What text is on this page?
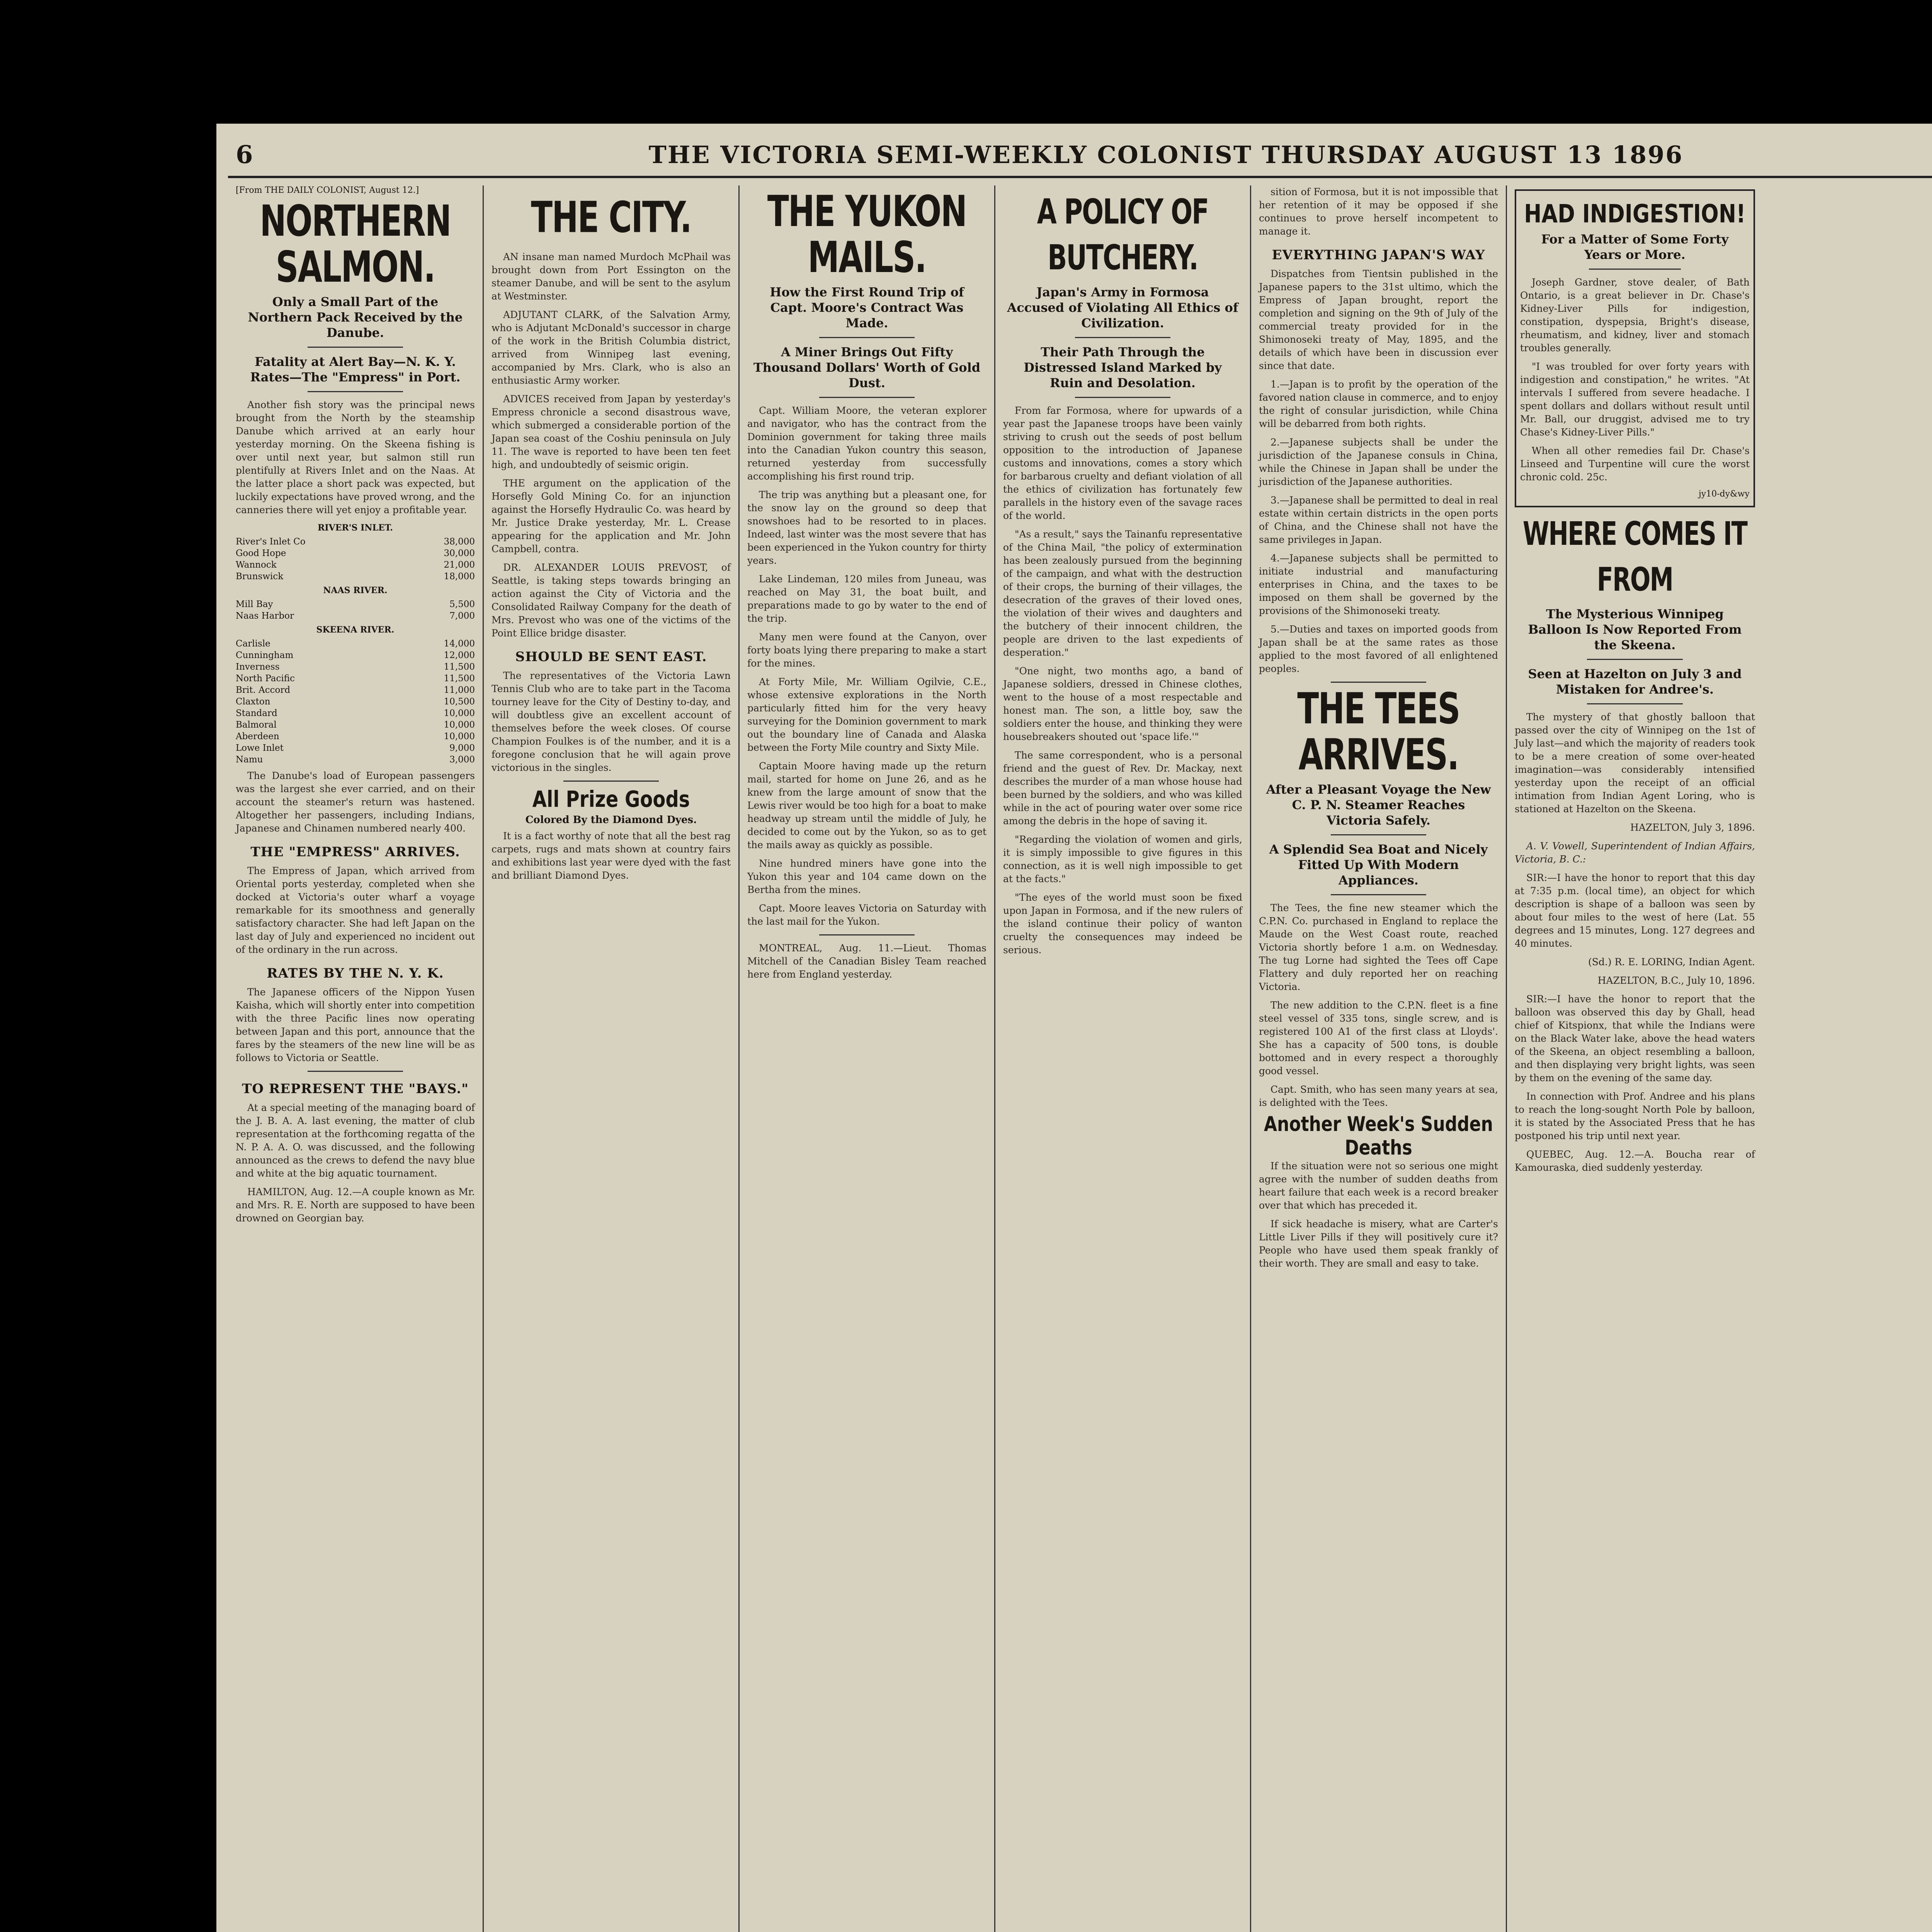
6	THE VICTORIA SEMI-WEEKLY COLONIST THURSDAY AUGUST 13 1896

[From THE DAILY COLONIST, August 12.]

NORTHERN SALMON.
Only a Small Part of the Northern Pack Received by the Danube.
Fatality at Alert Bay—N. K. Y. Rates—The "Empress" in Port.

Another fish story was the principal news brought from the North by the steamship Danube which arrived at an early hour yesterday morning. On the Skeena fishing is over until next year, but salmon still run plentifully at Rivers Inlet and on the Naas. At the latter place a short pack was expected, but luckily expectations have proved wrong, and the canneries there will yet enjoy a profitable year.

RIVER'S INLET.
River's Inlet Co	38,000
Good Hope	30,000
Wannock	21,000
Brunswick	18,000
NAAS RIVER.
Mill Bay	5,500
Naas Harbor	7,000
SKEENA RIVER.
Carlisle	14,000
Cunningham	12,000
Inverness	11,500
North Pacific	11,500
Brit. Accord	11,000
Claxton	10,500
Standard	10,000
Balmoral	10,000
Aberdeen	10,000
Lowe Inlet	9,000
Namu	3,000

The Danube's load of European passengers was the largest she ever carried, and on their account the steamer's return was hastened. Altogether her passengers, including Indians, Japanese and Chinamen numbered nearly 400.

THE "EMPRESS" ARRIVES.

The Empress of Japan, which arrived from Oriental ports yesterday, completed when she docked at Victoria's outer wharf a voyage remarkable for its smoothness and generally satisfactory character. She had left Japan on the last day of July and experienced no incident out of the ordinary in the run across.

RATES BY THE N. Y. K.

The Japanese officers of the Nippon Yusen Kaisha, which will shortly enter into competition with the three Pacific lines now operating between Japan and this port, announce that the fares by the steamers of the new line will be as follows to Victoria or Seattle.

TO REPRESENT THE "BAYS."

At a special meeting of the managing board of the J. B. A. A. last evening, the matter of club representation at the forthcoming regatta of the N. P. A. A. O. was discussed, and the following announced as the crews to defend the navy blue and white at the big aquatic tournament.

HAMILTON, Aug. 12.—A couple known as Mr. and Mrs. R. E. North are supposed to have been drowned on Georgian bay.

THE CITY.

AN insane man named Murdoch McPhail was brought down from Port Essington on the steamer Danube, and will be sent to the asylum at Westminster.

ADJUTANT CLARK, of the Salvation Army, who is Adjutant McDonald's successor in charge of the work in the British Columbia district, arrived from Winnipeg last evening, accompanied by Mrs. Clark, who is also an enthusiastic Army worker.

ADVICES received from Japan by yesterday's Empress chronicle a second disastrous wave, which submerged a considerable portion of the Japan sea coast of the Coshiu peninsula on July 11. The wave is reported to have been ten feet high, and undoubtedly of seismic origin.

THE argument on the application of the Horsefly Gold Mining Co. for an injunction against the Horsefly Hydraulic Co. was heard by Mr. Justice Drake yesterday, Mr. L. Crease appearing for the application and Mr. John Campbell, contra.

DR. ALEXANDER LOUIS PREVOST, of Seattle, is taking steps towards bringing an action against the City of Victoria and the Consolidated Railway Company for the death of Mrs. Prevost who was one of the victims of the Point Ellice bridge disaster.

SHOULD BE SENT EAST.

The representatives of the Victoria Lawn Tennis Club who are to take part in the Tacoma tourney leave for the City of Destiny to-day, and will doubtless give an excellent account of themselves before the week closes. Of course Champion Foulkes is of the number, and it is a foregone conclusion that he will again prove victorious in the singles.

All Prize Goods
Colored By the Diamond Dyes.

It is a fact worthy of note that all the best rag carpets, rugs and mats shown at country fairs and exhibitions last year were dyed with the fast and brilliant Diamond Dyes.

THE YUKON MAILS.
How the First Round Trip of Capt. Moore's Contract Was Made.
A Miner Brings Out Fifty Thousand Dollars' Worth of Gold Dust.

Capt. William Moore, the veteran explorer and navigator, who has the contract from the Dominion government for taking three mails into the Canadian Yukon country this season, returned yesterday from successfully accomplishing his first round trip.

The trip was anything but a pleasant one, for the snow lay on the ground so deep that snowshoes had to be resorted to in places. Indeed, last winter was the most severe that has been experienced in the Yukon country for thirty years.

Lake Lindeman, 120 miles from Juneau, was reached on May 31, the boat built, and preparations made to go by water to the end of the trip.

Many men were found at the Canyon, over forty boats lying there preparing to make a start for the mines.

At Forty Mile, Mr. William Ogilvie, C.E., whose extensive explorations in the North particularly fitted him for the very heavy surveying for the Dominion government to mark out the boundary line of Canada and Alaska between the Forty Mile country and Sixty Mile.

Captain Moore having made up the return mail, started for home on June 26, and as he knew from the large amount of snow that the Lewis river would be too high for a boat to make headway up stream until the middle of July, he decided to come out by the Yukon, so as to get the mails away as quickly as possible.

Nine hundred miners have gone into the Yukon this year and 104 came down on the Bertha from the mines.

Capt. Moore leaves Victoria on Saturday with the last mail for the Yukon.

MONTREAL, Aug. 11.—Lieut. Thomas Mitchell of the Canadian Bisley Team reached here from England yesterday.

A POLICY OF BUTCHERY.
Japan's Army in Formosa Accused of Violating All Ethics of Civilization.
Their Path Through the Distressed Island Marked by Ruin and Desolation.

From far Formosa, where for upwards of a year past the Japanese troops have been vainly striving to crush out the seeds of post bellum opposition to the introduction of Japanese customs and innovations, comes a story which for barbarous cruelty and defiant violation of all the ethics of civilization has fortunately few parallels in the history even of the savage races of the world.

"As a result," says the Tainanfu representative of the China Mail, "the policy of extermination has been zealously pursued from the beginning of the campaign, and what with the destruction of their crops, the burning of their villages, the desecration of the graves of their loved ones, the violation of their wives and daughters and the butchery of their innocent children, the people are driven to the last expedients of desperation."

"One night, two months ago, a band of Japanese soldiers, dressed in Chinese clothes, went to the house of a most respectable and honest man. The son, a little boy, saw the soldiers enter the house, and thinking they were housebreakers shouted out 'space life.'"

The same correspondent, who is a personal friend and the guest of Rev. Dr. Mackay, next describes the murder of a man whose house had been burned by the soldiers, and who was killed while in the act of pouring water over some rice among the debris in the hope of saving it.

"Regarding the violation of women and girls, it is simply impossible to give figures in this connection, as it is well nigh impossible to get at the facts."

"The eyes of the world must soon be fixed upon Japan in Formosa, and if the new rulers of the island continue their policy of wanton cruelty the consequences may indeed be serious.

sition of Formosa, but it is not impossible that her retention of it may be opposed if she continues to prove herself incompetent to manage it.

EVERYTHING JAPAN'S WAY

Dispatches from Tientsin published in the Japanese papers to the 31st ultimo, which the Empress of Japan brought, report the completion and signing on the 9th of July of the commercial treaty provided for in the Shimonoseki treaty of May, 1895, and the details of which have been in discussion ever since that date.

1.—Japan is to profit by the operation of the favored nation clause in commerce, and to enjoy the right of consular jurisdiction, while China will be debarred from both rights.

2.—Japanese subjects shall be under the jurisdiction of the Japanese consuls in China, while the Chinese in Japan shall be under the jurisdiction of the Japanese authorities.

3.—Japanese shall be permitted to deal in real estate within certain districts in the open ports of China, and the Chinese shall not have the same privileges in Japan.

4.—Japanese subjects shall be permitted to initiate industrial and manufacturing enterprises in China, and the taxes to be imposed on them shall be governed by the provisions of the Shimonoseki treaty.

5.—Duties and taxes on imported goods from Japan shall be at the same rates as those applied to the most favored of all enlightened peoples.

THE TEES ARRIVES.
After a Pleasant Voyage the New C. P. N. Steamer Reaches Victoria Safely.
A Splendid Sea Boat and Nicely Fitted Up With Modern Appliances.

The Tees, the fine new steamer which the C.P.N. Co. purchased in England to replace the Maude on the West Coast route, reached Victoria shortly before 1 a.m. on Wednesday. The tug Lorne had sighted the Tees off Cape Flattery and duly reported her on reaching Victoria.

The new addition to the C.P.N. fleet is a fine steel vessel of 335 tons, single screw, and is registered 100 A1 of the first class at Lloyds'. She has a capacity of 500 tons, is double bottomed and in every respect a thoroughly good vessel.

Capt. Smith, who has seen many years at sea, is delighted with the Tees.

Another Week's Sudden Deaths

If the situation were not so serious one might agree with the number of sudden deaths from heart failure that each week is a record breaker over that which has preceded it.

If sick headache is misery, what are Carter's Little Liver Pills if they will positively cure it? People who have used them speak frankly of their worth. They are small and easy to take.

HAD INDIGESTION!
For a Matter of Some Forty Years or More.

Joseph Gardner, stove dealer, of Bath Ontario, is a great believer in Dr. Chase's Kidney-Liver Pills for indigestion, constipation, dyspepsia, Bright's disease, rheumatism, and kidney, liver and stomach troubles generally.

"I was troubled for over forty years with indigestion and constipation," he writes. "At intervals I suffered from severe headache. I spent dollars and dollars without result until Mr. Ball, our druggist, advised me to try Chase's Kidney-Liver Pills."

When all other remedies fail Dr. Chase's Linseed and Turpentine will cure the worst chronic cold. 25c.

jy10-dy&wy

WHERE COMES IT FROM
The Mysterious Winnipeg Balloon Is Now Reported From the Skeena.
Seen at Hazelton on July 3 and Mistaken for Andree's.

The mystery of that ghostly balloon that passed over the city of Winnipeg on the 1st of July last—and which the majority of readers took to be a mere creation of some over-heated imagination—was considerably intensified yesterday upon the receipt of an official intimation from Indian Agent Loring, who is stationed at Hazelton on the Skeena.

HAZELTON, July 3, 1896.

A. V. Vowell, Superintendent of Indian Affairs, Victoria, B. C.:

SIR:—I have the honor to report that this day at 7:35 p.m. (local time), an object for which description is shape of a balloon was seen by about four miles to the west of here (Lat. 55 degrees and 15 minutes, Long. 127 degrees and 40 minutes.

(Sd.) R. E. LORING, Indian Agent.

HAZELTON, B.C., July 10, 1896.

SIR:—I have the honor to report that the balloon was observed this day by Ghall, head chief of Kitspionx, that while the Indians were on the Black Water lake, above the head waters of the Skeena, an object resembling a balloon, and then displaying very bright lights, was seen by them on the evening of the same day.

In connection with Prof. Andree and his plans to reach the long-sought North Pole by balloon, it is stated by the Associated Press that he has postponed his trip until next year.

QUEBEC, Aug. 12.—A. Boucha rear of Kamouraska, died suddenly yesterday.
